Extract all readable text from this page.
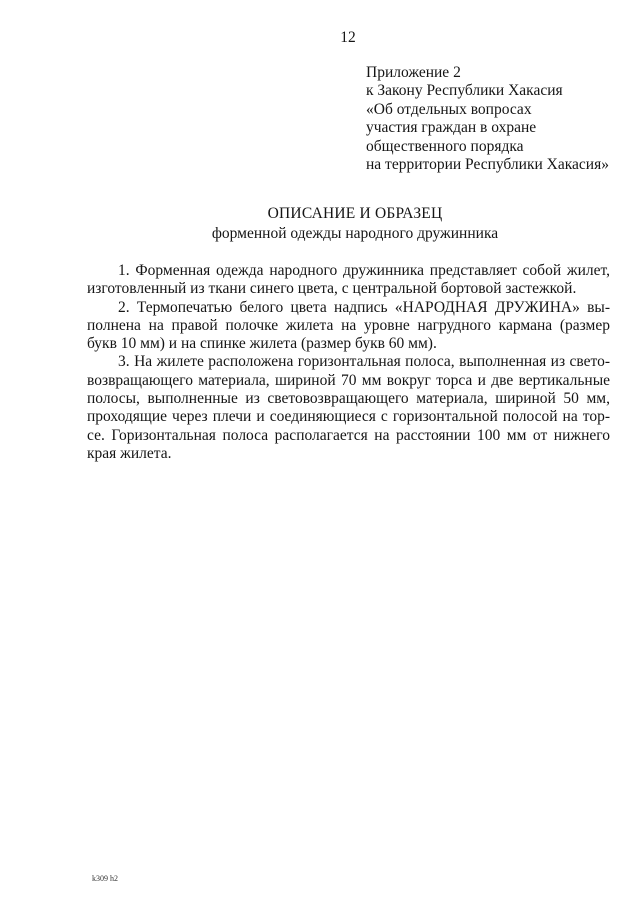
12
Приложение 2
к Закону Республики Хакасия
«Об отдельных вопросах
участия граждан в охране
общественного порядка
на территории Республики Хакасия»
ОПИСАНИЕ И ОБРАЗЕЦ
форменной одежды народного дружинника
1. Форменная одежда народного дружинника представляет собой жилет,
изготовленный из ткани синего цвета, с центральной бортовой застежкой.
2. Термопечатью белого цвета надпись «НАРОДНАЯ ДРУЖИНА» вы-
полнена на правой полочке жилета на уровне нагрудного кармана (размер
букв 10 мм) и на спинке жилета (размер букв 60 мм).
3. На жилете расположена горизонтальная полоса, выполненная из свето-
возвращающего материала, шириной 70 мм вокруг торса и две вертикальные
полосы, выполненные из световозвращающего материала, шириной 50 мм,
проходящие через плечи и соединяющиеся с горизонтальной полосой на тор-
се. Горизонтальная полоса располагается на расстоянии 100 мм от нижнего
края жилета.
k309 h2
